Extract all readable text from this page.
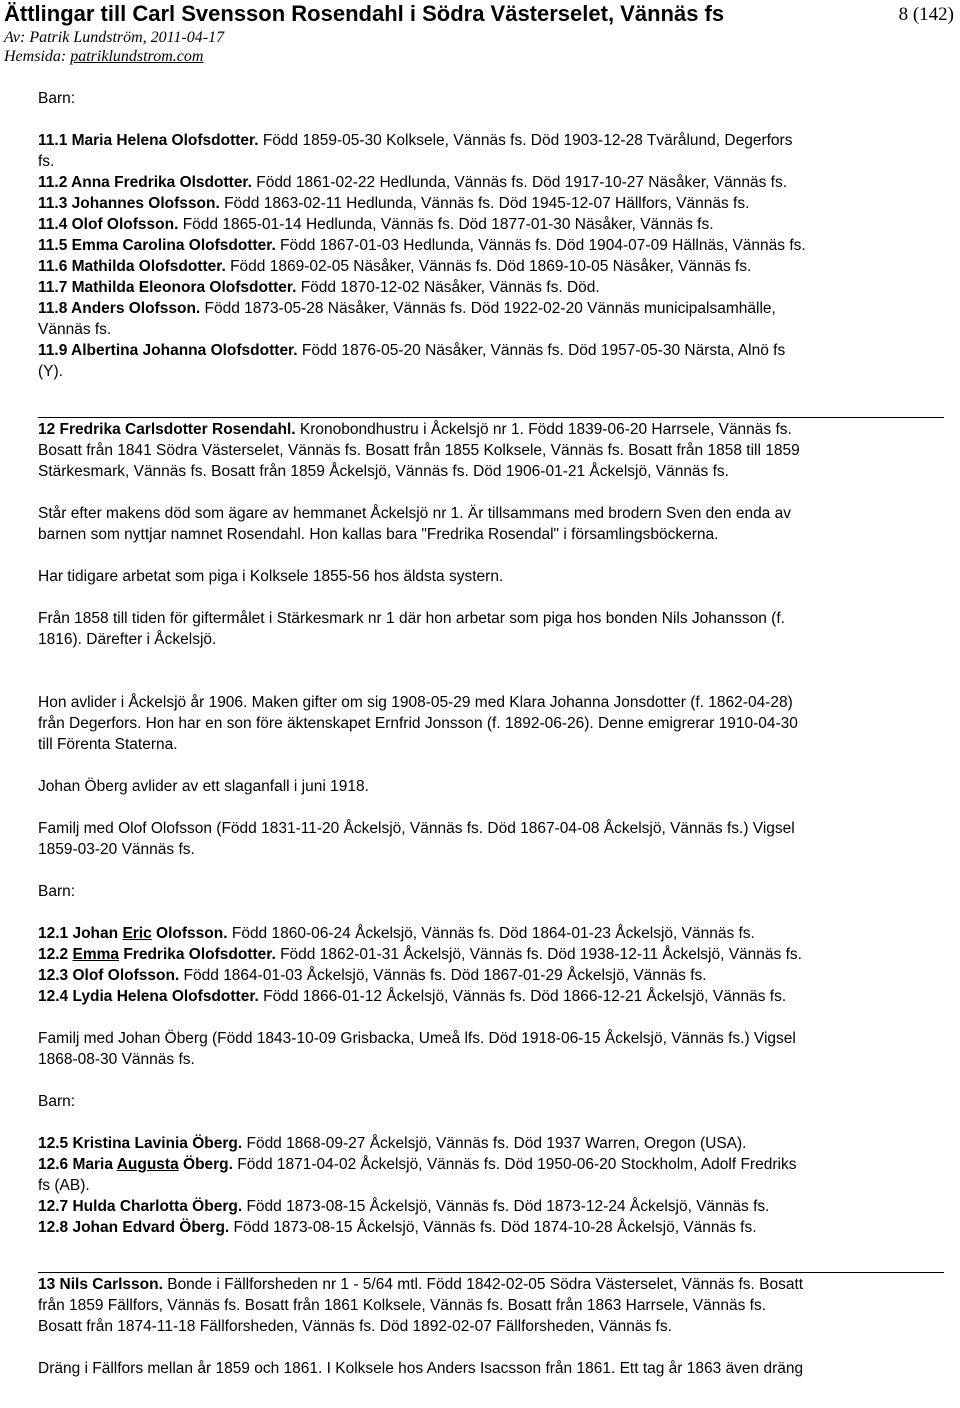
Ättlingar till Carl Svensson Rosendahl i Södra Västerselet, Vännäs fs	8 (142)
Av: Patrik Lundström, 2011-04-17
Hemsida: patriklundstrom.com
Barn:
11.1 Maria Helena Olofsdotter. Född 1859-05-30 Kolksele, Vännäs fs. Död 1903-12-28 Tvärålund, Degerfors
fs.
11.2 Anna Fredrika Olsdotter. Född 1861-02-22 Hedlunda, Vännäs fs. Död 1917-10-27 Näsåker, Vännäs fs.
11.3 Johannes Olofsson. Född 1863-02-11 Hedlunda, Vännäs fs. Död 1945-12-07 Hällfors, Vännäs fs.
11.4 Olof Olofsson. Född 1865-01-14 Hedlunda, Vännäs fs. Död 1877-01-30 Näsåker, Vännäs fs.
11.5 Emma Carolina Olofsdotter. Född 1867-01-03 Hedlunda, Vännäs fs. Död 1904-07-09 Hällnäs, Vännäs fs.
11.6 Mathilda Olofsdotter. Född 1869-02-05 Näsåker, Vännäs fs. Död 1869-10-05 Näsåker, Vännäs fs.
11.7 Mathilda Eleonora Olofsdotter. Född 1870-12-02 Näsåker, Vännäs fs. Död.
11.8 Anders Olofsson. Född 1873-05-28 Näsåker, Vännäs fs. Död 1922-02-20 Vännäs municipalsamhälle,
Vännäs fs.
11.9 Albertina Johanna Olofsdotter. Född 1876-05-20 Näsåker, Vännäs fs. Död 1957-05-30 Närsta, Alnö fs
(Y).
12 Fredrika Carlsdotter Rosendahl. Kronobondhustru i Åckelsjö nr 1. Född 1839-06-20 Harrsele, Vännäs fs.
Bosatt från 1841 Södra Västerselet, Vännäs fs. Bosatt från 1855 Kolksele, Vännäs fs. Bosatt från 1858 till 1859
Stärkesmark, Vännäs fs. Bosatt från 1859 Åckelsjö, Vännäs fs. Död 1906-01-21 Åckelsjö, Vännäs fs.
Står efter makens död som ägare av hemmanet Åckelsjö nr 1. Är tillsammans med brodern Sven den enda av
barnen som nyttjar namnet Rosendahl. Hon kallas bara "Fredrika Rosendal" i församlingsböckerna.
Har tidigare arbetat som piga i Kolksele 1855-56 hos äldsta systern.
Från 1858 till tiden för giftermålet i Stärkesmark nr 1 där hon arbetar som piga hos bonden Nils Johansson (f.
1816). Därefter i Åckelsjö.
Hon avlider i Åckelsjö år 1906. Maken gifter om sig 1908-05-29 med Klara Johanna Jonsdotter (f. 1862-04-28)
från Degerfors. Hon har en son före äktenskapet Ernfrid Jonsson (f. 1892-06-26). Denne emigrerar 1910-04-30
till Förenta Staterna.
Johan Öberg avlider av ett slaganfall i juni 1918.
Familj med Olof Olofsson (Född 1831-11-20 Åckelsjö, Vännäs fs. Död 1867-04-08 Åckelsjö, Vännäs fs.) Vigsel
1859-03-20 Vännäs fs.
Barn:
12.1 Johan Eric Olofsson. Född 1860-06-24 Åckelsjö, Vännäs fs. Död 1864-01-23 Åckelsjö, Vännäs fs.
12.2 Emma Fredrika Olofsdotter. Född 1862-01-31 Åckelsjö, Vännäs fs. Död 1938-12-11 Åckelsjö, Vännäs fs.
12.3 Olof Olofsson. Född 1864-01-03 Åckelsjö, Vännäs fs. Död 1867-01-29 Åckelsjö, Vännäs fs.
12.4 Lydia Helena Olofsdotter. Född 1866-01-12 Åckelsjö, Vännäs fs. Död 1866-12-21 Åckelsjö, Vännäs fs.
Familj med Johan Öberg (Född 1843-10-09 Grisbacka, Umeå lfs. Död 1918-06-15 Åckelsjö, Vännäs fs.) Vigsel
1868-08-30 Vännäs fs.
Barn:
12.5 Kristina Lavinia Öberg. Född 1868-09-27 Åckelsjö, Vännäs fs. Död 1937 Warren, Oregon (USA).
12.6 Maria Augusta Öberg. Född 1871-04-02 Åckelsjö, Vännäs fs. Död 1950-06-20 Stockholm, Adolf Fredriks
fs (AB).
12.7 Hulda Charlotta Öberg. Född 1873-08-15 Åckelsjö, Vännäs fs. Död 1873-12-24 Åckelsjö, Vännäs fs.
12.8 Johan Edvard Öberg. Född 1873-08-15 Åckelsjö, Vännäs fs. Död 1874-10-28 Åckelsjö, Vännäs fs.
13 Nils Carlsson. Bonde i Fällforsheden nr 1 - 5/64 mtl. Född 1842-02-05 Södra Västerselet, Vännäs fs. Bosatt
från 1859 Fällfors, Vännäs fs. Bosatt från 1861 Kolksele, Vännäs fs. Bosatt från 1863 Harrsele, Vännäs fs.
Bosatt från 1874-11-18 Fällforsheden, Vännäs fs. Död 1892-02-07 Fällforsheden, Vännäs fs.
Dräng i Fällfors mellan år 1859 och 1861. I Kolksele hos Anders Isacsson från 1861. Ett tag år 1863 även dräng
